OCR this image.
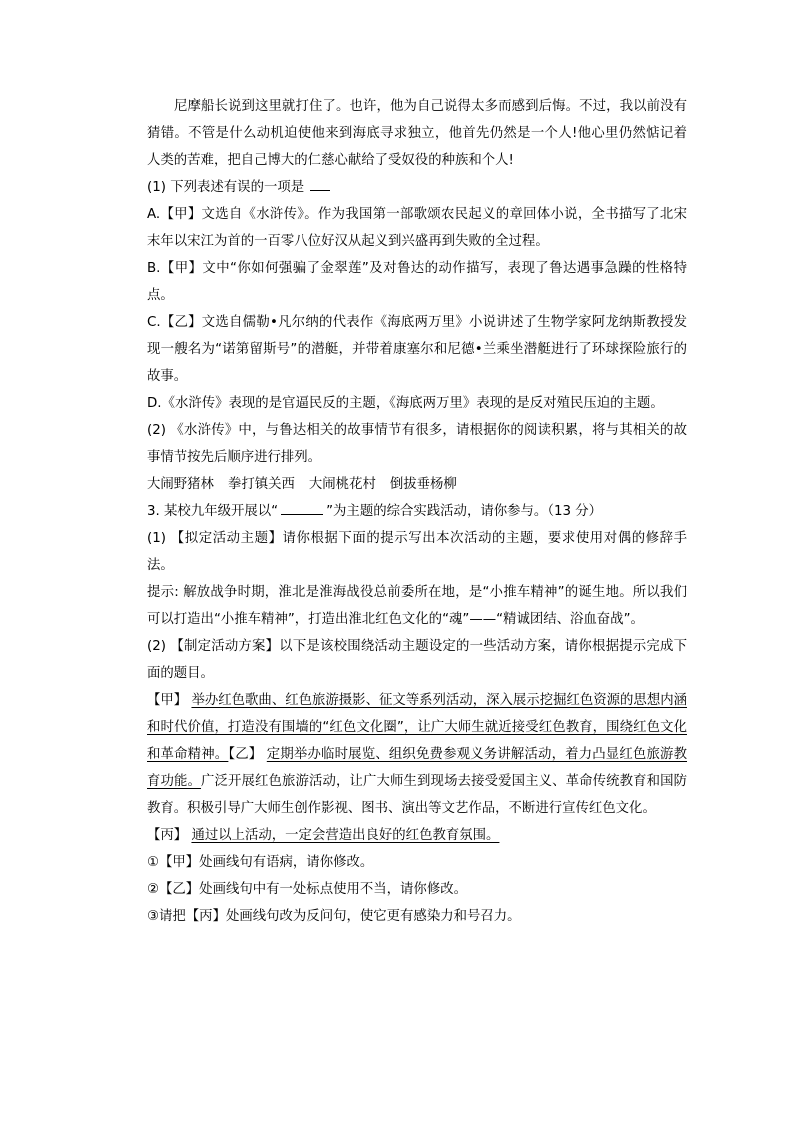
尼摩船长说到这里就打住了。也许，他为自己说得太多而感到后悔。不过，我以前没有猜错。不管是什么动机迫使他来到海底寻求独立，他首先仍然是一个人!他心里仍然惦记着人类的苦难，把自己博大的仁慈心献给了受奴役的种族和个人!

(1) 下列表述有误的一项是

A.【甲】文选自《水浒传》。作为我国第一部歌颂农民起义的章回体小说，全书描写了北宋末年以宋江为首的一百零八位好汉从起义到兴盛再到失败的全过程。

B.【甲】文中“你如何强骗了金翠莲”及对鲁达的动作描写，表现了鲁达遇事急躁的性格特点。

C.【乙】文选自儒勒•凡尔纳的代表作《海底两万里》小说讲述了生物学家阿龙纳斯教授发现一艘名为“诺第留斯号”的潜艇，并带着康塞尔和尼德•兰乘坐潜艇进行了环球探险旅行的故事。

D.《水浒传》表现的是官逼民反的主题，《海底两万里》表现的是反对殖民压迫的主题。

(2) 《水浒传》中，与鲁达相关的故事情节有很多，请根据你的阅读积累，将与其相关的故事情节按先后顺序进行排列。

大闹野猪林 拳打镇关西 大闹桃花村 倒拔垂杨柳

3. 某校九年级开展以“	”为主题的综合实践活动，请你参与。（13 分）

(1) 【拟定活动主题】请你根据下面的提示写出本次活动的主题，要求使用对偶的修辞手法。

提示: 解放战争时期，淮北是淮海战役总前委所在地，是“小推车精神”的诞生地。所以我们可以打造出“小推车精神”，打造出淮北红色文化的“魂”——“精诚团结、浴血奋战”。

(2) 【制定活动方案】以下是该校围绕活动主题设定的一些活动方案，请你根据提示完成下面的题目。

【甲】 举办红色歌曲、红色旅游摄影、征文等系列活动，深入展示挖掘红色资源的思想内涵和时代价值，打造没有围墙的“红色文化圈”，让广大师生就近接受红色教育，围绕红色文化和革命精神。【乙】 定期举办临时展览、组织免费参观义务讲解活动，着力凸显红色旅游教育功能。广泛开展红色旅游活动，让广大师生到现场去接受爱国主义、革命传统教育和国防教育。积极引导广大师生创作影视、图书、演出等文艺作品，不断进行宣传红色文化。

【丙】 通过以上活动，一定会营造出良好的红色教育氛围。

①【甲】处画线句有语病，请你修改。

②【乙】处画线句中有一处标点使用不当，请你修改。

③请把【丙】处画线句改为反问句，使它更有感染力和号召力。
